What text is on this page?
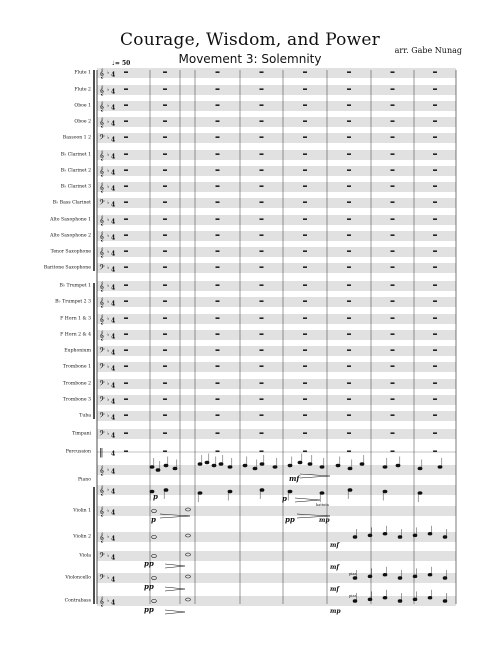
Courage, Wisdom, and Power
Movement 3: Solemnity
arr. Gabe Nunag
♩= 50
Flute 1
Flute 2
Oboe 1
Oboe 2
Bassoon 1 2
B♭ Clarinet 1
B♭ Clarinet 2
B♭ Clarinet 3
B♭ Bass Clarinet
Alto Saxophone 1
Alto Saxophone 2
Tenor Saxophone
Baritone Saxophone
B♭ Trumpet 1
B♭ Trumpet 2 3
F Horn 1 & 3
F Horn 2 & 4
Euphonium
Trombone 1
Trombone 2
Trombone 3
Tuba
Timpani
Percussion
Piano
Violin 1
Violin 2
Viola
Violoncello
Contrabass
𝄞 4
♭
𝄞 4
♭
𝄞 4
♭
𝄞 4
♭
𝄢 4
♭
𝄞 4
♭
𝄞 4
♭
𝄞 4
♭
𝄢 4
♭
𝄞 4
♭
𝄞 4
♭
𝄞 4
♭
𝄢 4
♭
𝄞 4
♭
𝄞 4
♭
𝄞 4
♭
𝄞 4
♭
𝄢 4
♭
𝄢 4
♭
𝄢 4
♭
𝄢 4
♭
𝄢 4
♭
𝄢 4
♭
‖ 4
𝄞 4
♭
𝄞 4
♭
𝄞 4
♭
𝄞 4
♭
𝄢 4
♭
𝄢 4
♭
𝄞 4
♭
p
mf
p
p	pp	mp
mf
pp	mf
pp	mf
pp	mp
battuta
pizz.
pizz.
